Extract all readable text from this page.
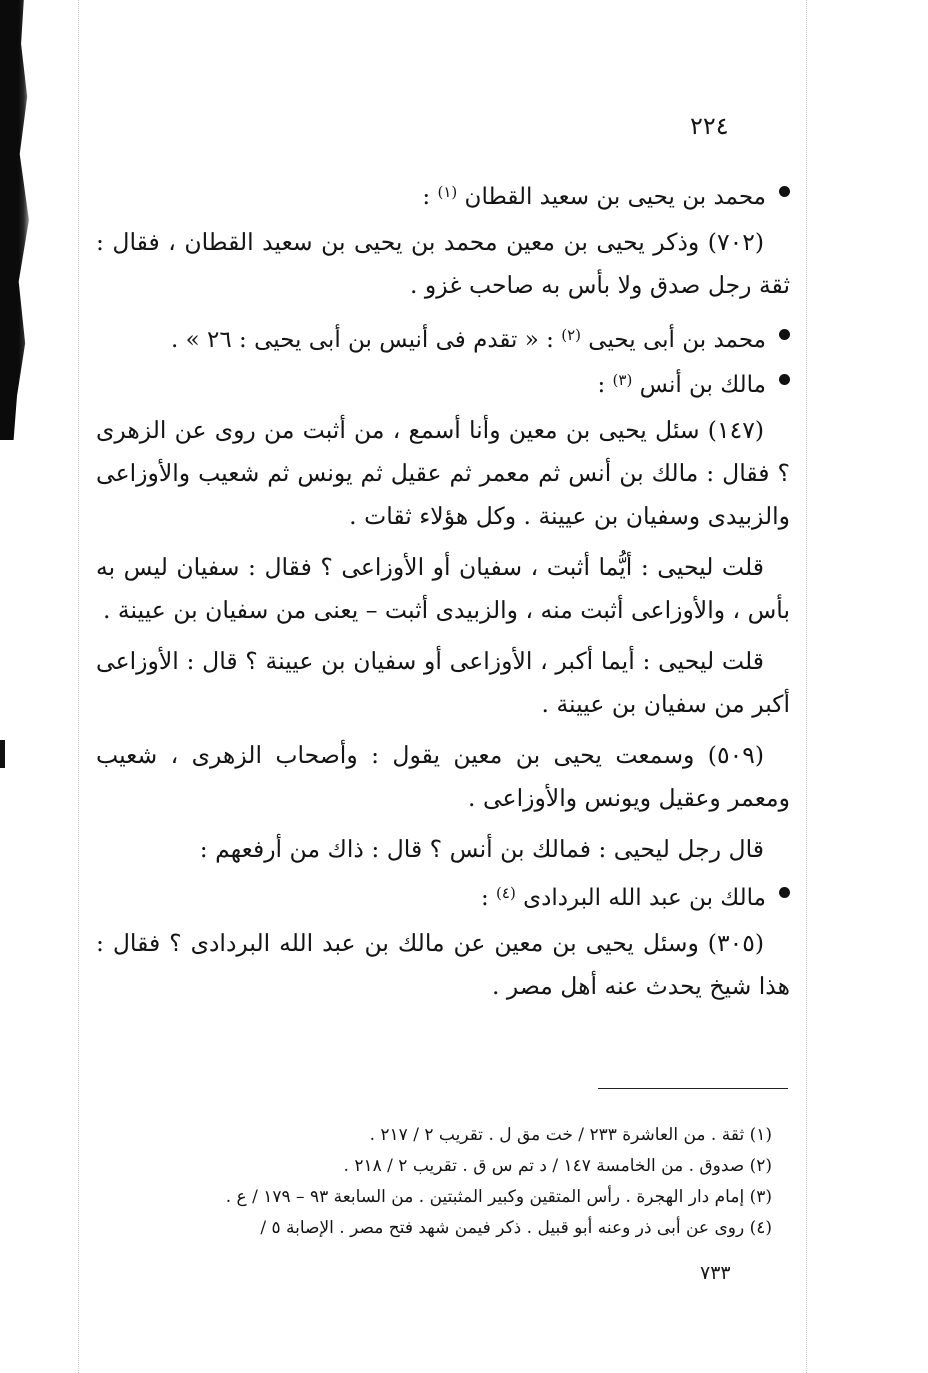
٢٢٤
محمد بن يحيى بن سعيد القطان $^{(١)}$ :

(٧٠٢) وذكر يحيى بن معين محمد بن يحيى بن سعيد القطان ، فقال : ثقة رجل صدق ولا بأس به صاحب غزو .

محمد بن أبى يحيى $^{(٢)}$ : « تقدم فى أنيس بن أبى يحيى : ٢٦ » .
مالك بن أنس $^{(٣)}$ :

(١٤٧) سئل يحيى بن معين وأنا أسمع ، من أثبت من روى عن الزهرى ؟ فقال : مالك بن أنس ثم معمر ثم عقيل ثم يونس ثم شعيب والأوزاعى والزبيدى وسفيان بن عيينة . وكل هؤلاء ثقات .

قلت ليحيى : أيُّما أثبت ، سفيان أو الأوزاعى ؟ فقال : سفيان ليس به بأس ، والأوزاعى أثبت منه ، والزبيدى أثبت – يعنى من سفيان بن عيينة .

قلت ليحيى : أيما أكبر ، الأوزاعى أو سفيان بن عيينة ؟ قال : الأوزاعى أكبر من سفيان بن عيينة .

(٥٠٩) وسمعت يحيى بن معين يقول : وأصحاب الزهرى ، شعيب ومعمر وعقيل ويونس والأوزاعى .

قال رجل ليحيى : فمالك بن أنس ؟ قال : ذاك من أرفعهم :

مالك بن عبد الله البردادى $^{(٤)}$ :

(٣٠٥) وسئل يحيى بن معين عن مالك بن عبد الله البردادى ؟ فقال : هذا شيخ يحدث عنه أهل مصر .

(١) ثقة . من العاشرة ٢٣٣ / خت مق ل . تقريب ٢ / ٢١٧ .

(٢) صدوق . من الخامسة ١٤٧ / د تم س ق . تقريب ٢ / ٢١٨ .

(٣) إمام دار الهجرة . رأس المتقين وكبير المثبتين . من السابعة ٩٣ – ١٧٩ / ع .

(٤) روى عن أبى ذر وعنه أبو قبيل . ذكر فيمن شهد فتح مصر . الإصابة ٥ /

٧٣٣
